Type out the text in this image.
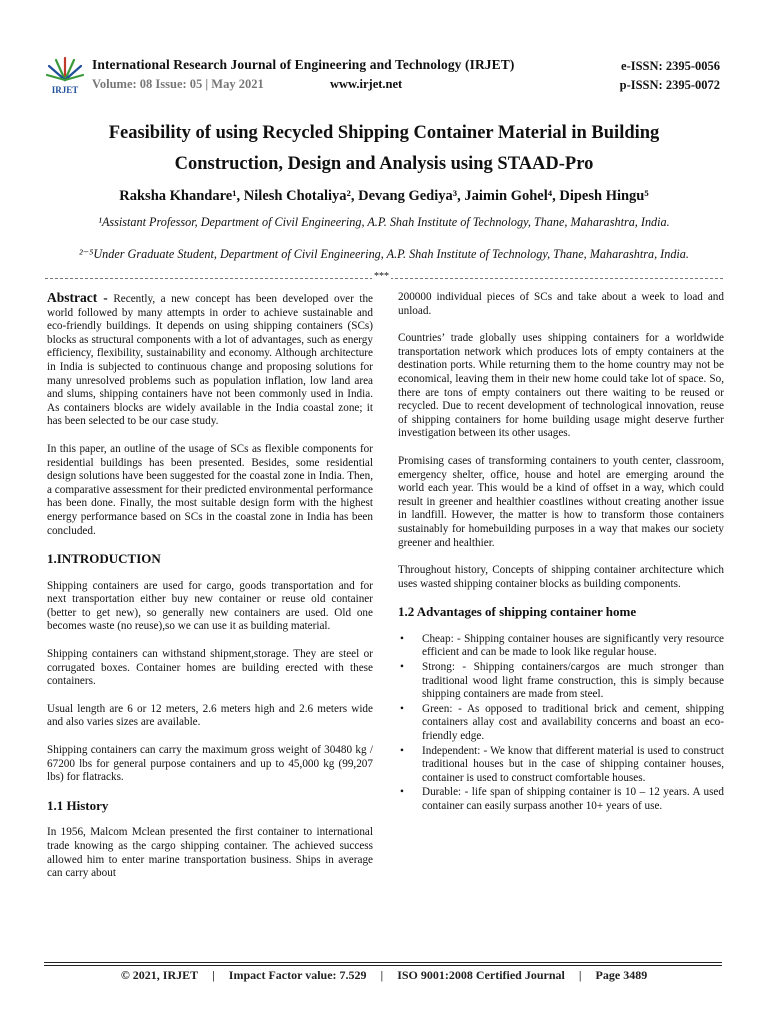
IRJET
International Research Journal of Engineering and Technology (IRJET)
Volume: 08 Issue: 05 | May 2021	www.irjet.net
e-ISSN: 2395-0056
p-ISSN: 2395-0072
Feasibility of using Recycled Shipping Container Material in Building
Construction, Design and Analysis using STAAD-Pro
Raksha Khandare¹, Nilesh Chotaliya², Devang Gediya³, Jaimin Gohel⁴, Dipesh Hingu⁵
¹Assistant Professor, Department of Civil Engineering, A.P. Shah Institute of Technology, Thane, Maharashtra, India.
²⁻⁵Under Graduate Student, Department of Civil Engineering, A.P. Shah Institute of Technology, Thane, Maharashtra, India.
***

Abstract - Recently, a new concept has been developed over the world followed by many attempts in order to achieve sustainable and eco-friendly buildings. It depends on using shipping containers (SCs) blocks as structural components with a lot of advantages, such as energy efficiency, flexibility, sustainability and economy. Although architecture in India is subjected to continuous change and proposing solutions for many unresolved problems such as population inflation, low land area and slums, shipping containers have not been commonly used in India. As containers blocks are widely available in the India coastal zone; it has been selected to be our case study.

In this paper, an outline of the usage of SCs as flexible components for residential buildings has been presented. Besides, some residential design solutions have been suggested for the coastal zone in India. Then, a comparative assessment for their predicted environmental performance has been done. Finally, the most suitable design form with the highest energy performance based on SCs in the coastal zone in India has been concluded.

1.INTRODUCTION

Shipping containers are used for cargo, goods transportation and for next transportation either buy new container or reuse old container (better to get new), so generally new containers are used. Old one becomes waste (no reuse),so we can use it as building material.

Shipping containers can withstand shipment,storage. They are steel or corrugated boxes. Container homes are building erected with these containers.

Usual length are 6 or 12 meters, 2.6 meters high and 2.6 meters wide and also varies sizes are available.

Shipping containers can carry the maximum gross weight of 30480 kg / 67200 lbs for general purpose containers and up to 45,000 kg (99,207 lbs) for flatracks.

1.1 History

In 1956, Malcom Mclean presented the first container to international trade knowing as the cargo shipping container. The achieved success allowed him to enter marine transportation business. Ships in average can carry about

200000 individual pieces of SCs and take about a week to load and unload.

Countries’ trade globally uses shipping containers for a worldwide transportation network which produces lots of empty containers at the destination ports. While returning them to the home country may not be economical, leaving them in their new home could take lot of space. So, there are tons of empty containers out there waiting to be reused or recycled. Due to recent development of technological innovation, reuse of shipping containers for home building usage might deserve further investigation between its other usages.

Promising cases of transforming containers to youth center, classroom, emergency shelter, office, house and hotel are emerging around the world each year. This would be a kind of offset in a way, which could result in greener and healthier coastlines without creating another issue in landfill. However, the matter is how to transform those containers sustainably for homebuilding purposes in a way that makes our society greener and healthier.

Throughout history, Concepts of shipping container architecture which uses wasted shipping container blocks as building components.

1.2 Advantages of shipping container home
• Cheap: - Shipping container houses are significantly very resource efficient and can be made to look like regular house.
• Strong: - Shipping containers/cargos are much stronger than traditional wood light frame construction, this is simply because shipping containers are made from steel.
• Green: - As opposed to traditional brick and cement, shipping containers allay cost and availability concerns and boast an eco-friendly edge.
• Independent: - We know that different material is used to construct traditional houses but in the case of shipping container houses, container is used to construct comfortable houses.
• Durable: - life span of shipping container is 10 – 12 years. A used container can easily surpass another 10+ years of use.
© 2021, IRJET | Impact Factor value: 7.529 | ISO 9001:2008 Certified Journal | Page 3489
